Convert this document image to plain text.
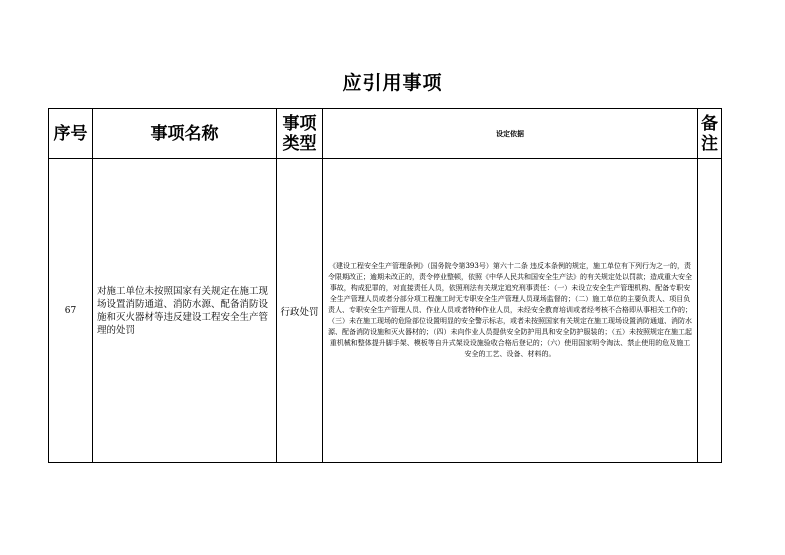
应引用事项
序号	事项名称	事项类型	设定依据	备注
67	对施工单位未按照国家有关规定在施工现场设置消防通道、消防水源、配备消防设施和灭火器材等违反建设工程安全生产管理的处罚	行政处罚	《建设工程安全生产管理条例》（国务院令第393号）第六十二条 违反本条例的规定，施工单位有下列行为之一的，责令限期改正；逾期未改正的，责令停业整顿，依照《中华人民共和国安全生产法》的有关规定处以罚款；造成重大安全事故，构成犯罪的，对直接责任人员，依照刑法有关规定追究刑事责任：（一）未设立安全生产管理机构、配备专职安全生产管理人员或者分部分项工程施工时无专职安全生产管理人员现场监督的；（二）施工单位的主要负责人、项目负责人、专职安全生产管理人员、作业人员或者特种作业人员，未经安全教育培训或者经考核不合格即从事相关工作的；（三）未在施工现场的危险部位设置明显的安全警示标志，或者未按照国家有关规定在施工现场设置消防通道、消防水源、配备消防设施和灭火器材的；（四）未向作业人员提供安全防护用具和安全防护服装的；（五）未按照规定在施工起重机械和整体提升脚手架、模板等自升式架设设施验收合格后登记的；（六）使用国家明令淘汰、禁止使用的危及施工安全的工艺、设备、材料的。	
